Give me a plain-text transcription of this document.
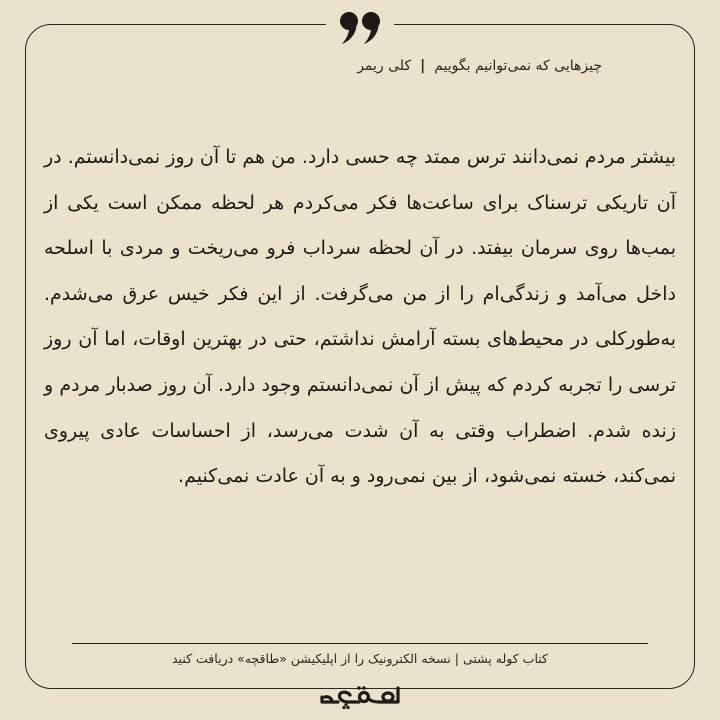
چیزهایی که نمی‌توانیم بگوییم|کلی ریمر
بیشتر مردم نمی‌دانند ترس ممتد چه حسی دارد. من هم تا آن روز نمی‌دانستم. در آن تاریکی ترسناک برای ساعت‌ها فکر می‌کردم هر لحظه ممکن است یکی از بمب‌ها روی سرمان بیفتد. در آن لحظه سرداب فرو می‌ریخت و مردی با اسلحه داخل می‌آمد و زندگی‌ام را از من می‌گرفت. از این فکر خیس عرق می‌شدم. به‌طورکلی در محیط‌های بسته آرامش نداشتم، حتی در بهترین اوقات، اما آن روز ترسی را تجربه کردم که پیش از آن نمی‌دانستم وجود دارد. آن روز صدبار مردم و زنده شدم. اضطراب وقتی به آن شدت می‌رسد، از احساسات عادی پیروی نمی‌کند، خسته نمی‌شود، از بین نمی‌رود و به آن عادت نمی‌کنیم.
کتاب کوله پشتی|نسخه الکترونیک را از اپلیکیشن «طاقچه» دریافت کنید
